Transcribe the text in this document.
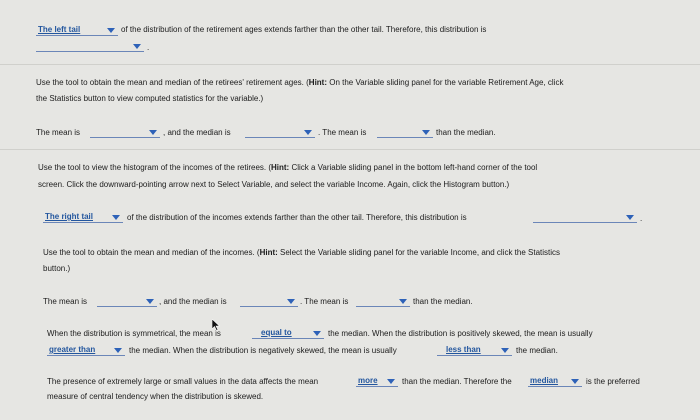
The left tail	of the distribution of the retirement ages extends farther than the other tail. Therefore, this distribution is
.
Use the tool to obtain the mean and median of the retirees' retirement ages. (Hint: On the Variable sliding panel for the variable Retirement Age, click
the Statistics button to view computed statistics for the variable.)
The mean is	, and the median is	. The mean is	than the median.
Use the tool to view the histogram of the incomes of the retirees. (Hint: Click a Variable sliding panel in the bottom left-hand corner of the tool
screen. Click the downward-pointing arrow next to Select Variable, and select the variable Income. Again, click the Histogram button.)
The right tail	of the distribution of the incomes extends farther than the other tail. Therefore, this distribution is	.
Use the tool to obtain the mean and median of the incomes. (Hint: Select the Variable sliding panel for the variable Income, and click the Statistics
button.)
The mean is	, and the median is	. The mean is	than the median.
When the distribution is symmetrical, the mean is	equal to	the median. When the distribution is positively skewed, the mean is usually
greater than	the median. When the distribution is negatively skewed, the mean is usually	less than	the median.
The presence of extremely large or small values in the data affects the mean	more	than the median. Therefore the median	is the preferred
measure of central tendency when the distribution is skewed.
